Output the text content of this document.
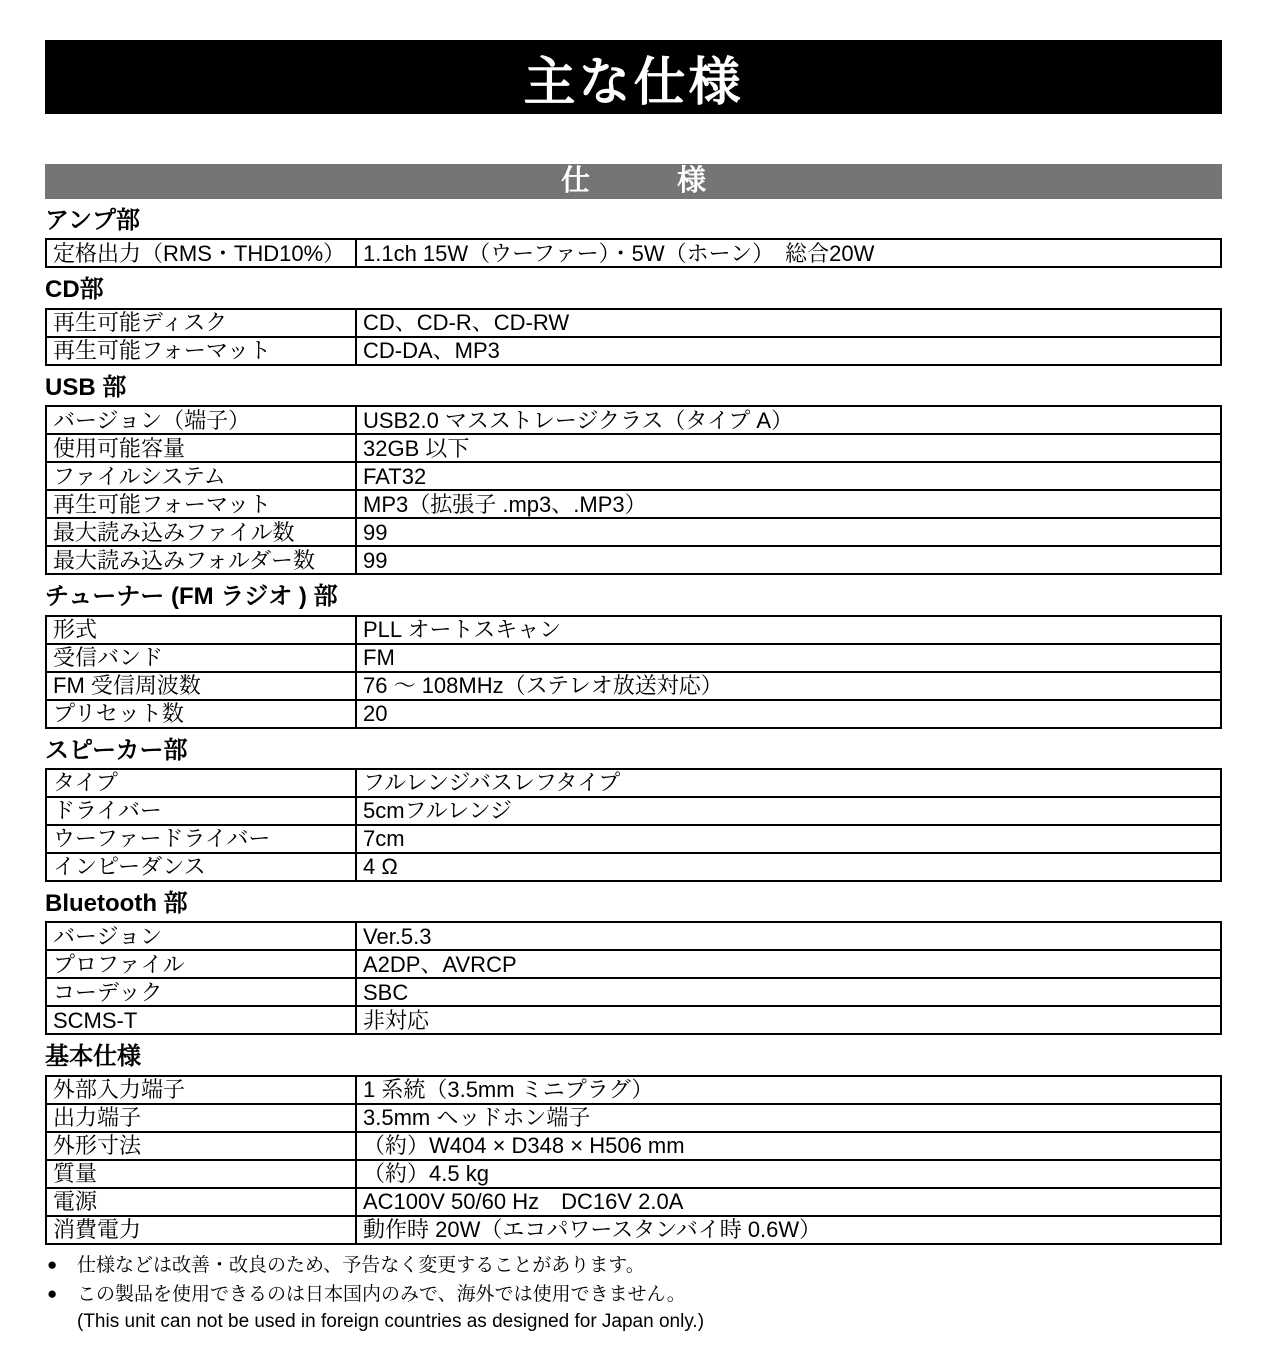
主な仕様
仕　　　様
アンプ部
定格出力（RMS・THD10%）	1.1ch 15W（ウーファー）・5W（ホーン）　総合20W
CD部
再生可能ディスク	CD、CD-R、CD-RW
再生可能フォーマット	CD-DA、MP3
USB 部
バージョン（端子）	USB2.0 マスストレージクラス（タイプ A）
使用可能容量	32GB 以下
ファイルシステム	FAT32
再生可能フォーマット	MP3（拡張子 .mp3、.MP3）
最大読み込みファイル数	99
最大読み込みフォルダー数	99
チューナー (FM ラジオ ) 部
形式	PLL オートスキャン
受信バンド	FM
FM 受信周波数	76 ～ 108MHz（ステレオ放送対応）
プリセット数	20
スピーカー部
タイプ	フルレンジバスレフタイプ
ドライバー	5cmフルレンジ
ウーファードライバー	7cm
インピーダンス	4 Ω
Bluetooth 部
バージョン	Ver.5.3
プロファイル	A2DP、AVRCP
コーデック	SBC
SCMS-T	非対応
基本仕様
外部入力端子	1 系統（3.5mm ミニプラグ）
出力端子	3.5mm ヘッドホン端子
外形寸法	（約）W404 × D348 × H506 mm
質量	（約）4.5 kg
電源	AC100V 50/60 Hz　DC16V 2.0A
消費電力	動作時 20W（エコパワースタンバイ時 0.6W）
●	仕様などは改善・改良のため、予告なく変更することがあります。

●	この製品を使用できるのは日本国内のみで、海外では使用できません。

(This unit can not be used in foreign countries as designed for Japan only.)
